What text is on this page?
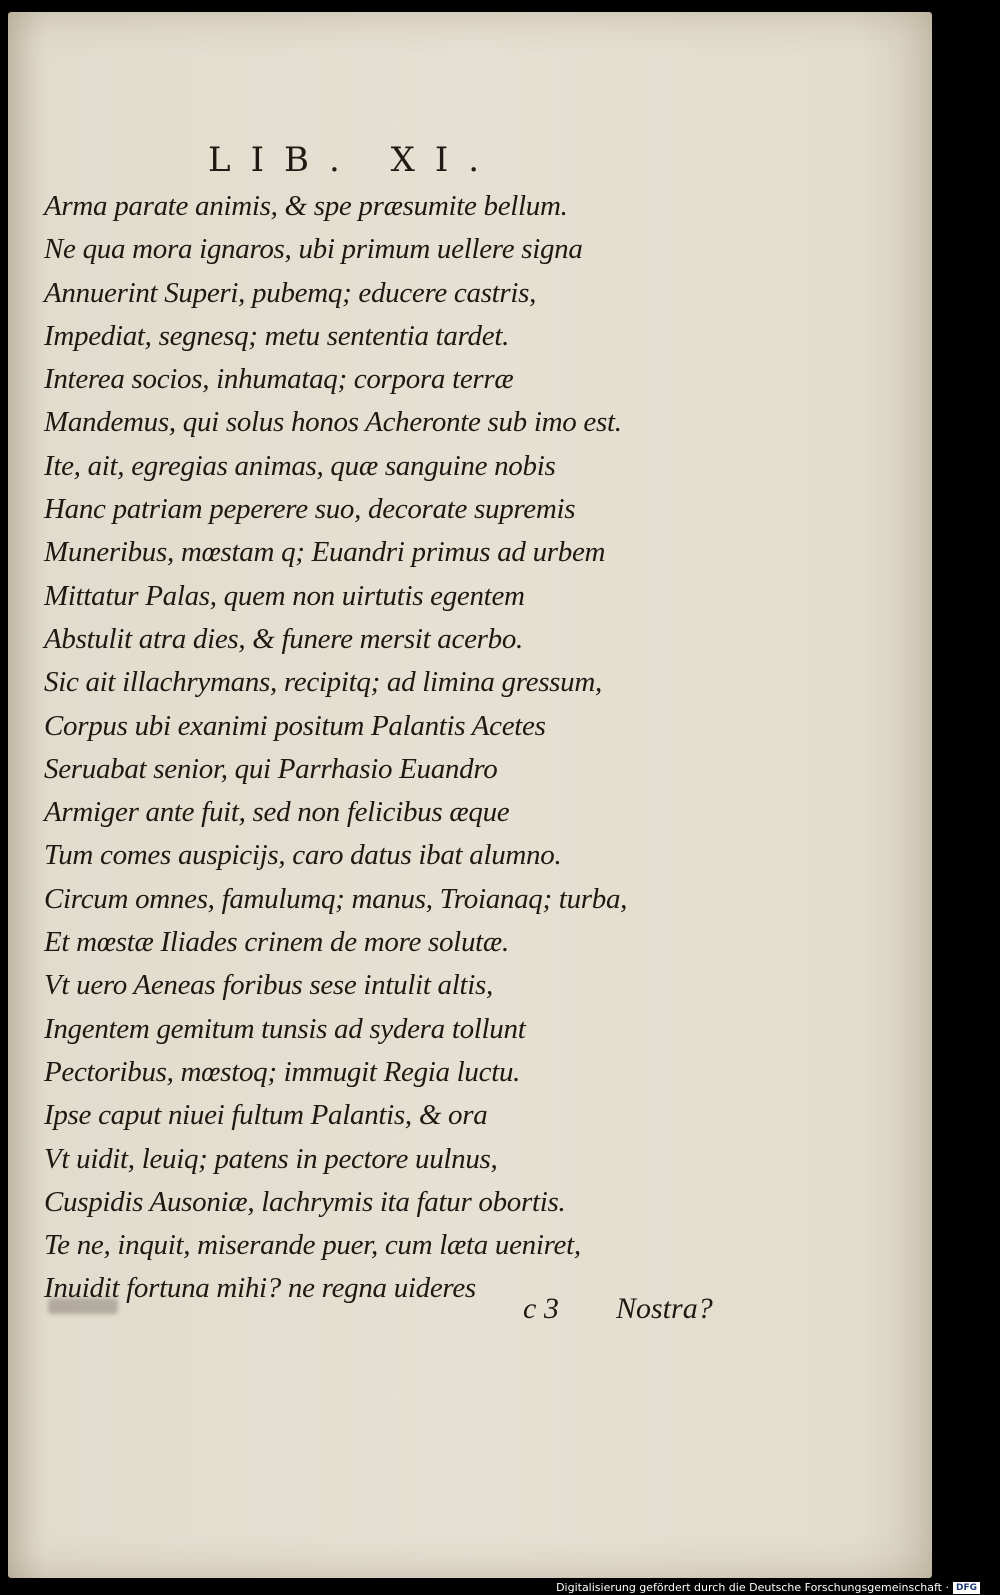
LIB. XI.
Arma parate animis, & spe præsumite bellum.
Ne qua mora ignaros, ubi primum uellere signa
Annuerint Superi, pubemq; educere castris,
Impediat, segnesq; metu sententia tardet.
Interea socios, inhumataq; corpora terræ
Mandemus, qui solus honos Acheronte sub imo est.
Ite, ait, egregias animas, quæ sanguine nobis
Hanc patriam peperere suo, decorate supremis
Muneribus, mœstam q; Euandri primus ad urbem
Mittatur Palas, quem non uirtutis egentem
Abstulit atra dies, & funere mersit acerbo.
Sic ait illachrymans, recipitq; ad limina gressum,
Corpus ubi exanimi positum Palantis Acetes
Seruabat senior, qui Parrhasio Euandro
Armiger ante fuit, sed non felicibus æque
Tum comes auspicijs, caro datus ibat alumno.
Circum omnes, famulumq; manus, Troianaq; turba,
Et mœstæ Iliades crinem de more solutæ.
Vt uero Aeneas foribus sese intulit altis,
Ingentem gemitum tunsis ad sydera tollunt
Pectoribus, mœstoq; immugit Regia luctu.
Ipse caput niuei fultum Palantis, & ora
Vt uidit, leuiq; patens in pectore uulnus,
Cuspidis Ausoniæ, lachrymis ita fatur obortis.
Te ne, inquit, miserande puer, cum læta ueniret,
Inuidit fortuna mihi? ne regna uideres
c 3 Nostra?
Digitalisierung gefördert durch die Deutsche Forschungsgemeinschaft · DFG
